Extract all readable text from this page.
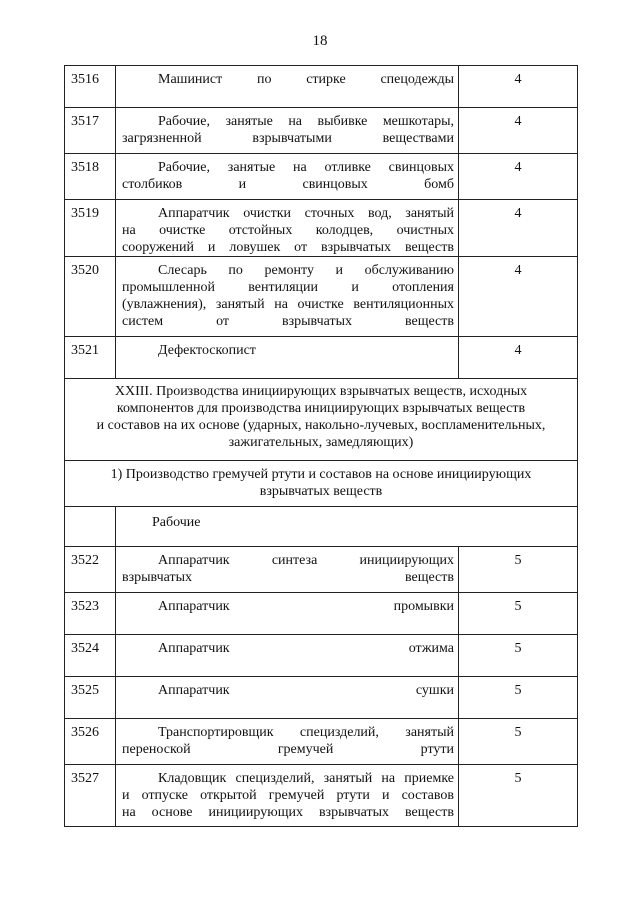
18
3516	Машинист по стирке спецодежды	4
3517	Рабочие, занятые на выбивке мешкотары,
загрязненной взрывчатыми веществами	4
3518	Рабочие, занятые на отливке свинцовых
столбиков и свинцовых бомб	4
3519	Аппаратчик очистки сточных вод, занятый
на очистке отстойных колодцев, очистных
сооружений и ловушек от взрывчатых веществ	4
3520	Слесарь по ремонту и обслуживанию
промышленной вентиляции и отопления
(увлажнения), занятый на очистке вентиляционных
систем от взрывчатых веществ	4
3521	Дефектоскопист	4

XXIII. Производства инициирующих взрывчатых веществ, исходных
компонентов для производства инициирующих взрывчатых веществ
и составов на их основе (ударных, накольно-лучевых, воспламенительных,
зажигательных, замедляющих)		

1) Производство гремучей ртути и составов на основе инициирующих
взрывчатых веществ		

	Рабочие	
3522	Аппаратчик синтеза инициирующих
взрывчатых веществ	5
3523	Аппаратчик промывки	5
3524	Аппаратчик отжима	5
3525	Аппаратчик сушки	5
3526	Транспортировщик специзделий, занятый
переноской гремучей ртути	5
3527	Кладовщик специзделий, занятый на приемке
и отпуске открытой гремучей ртути и составов
на основе инициирующих взрывчатых веществ	5
